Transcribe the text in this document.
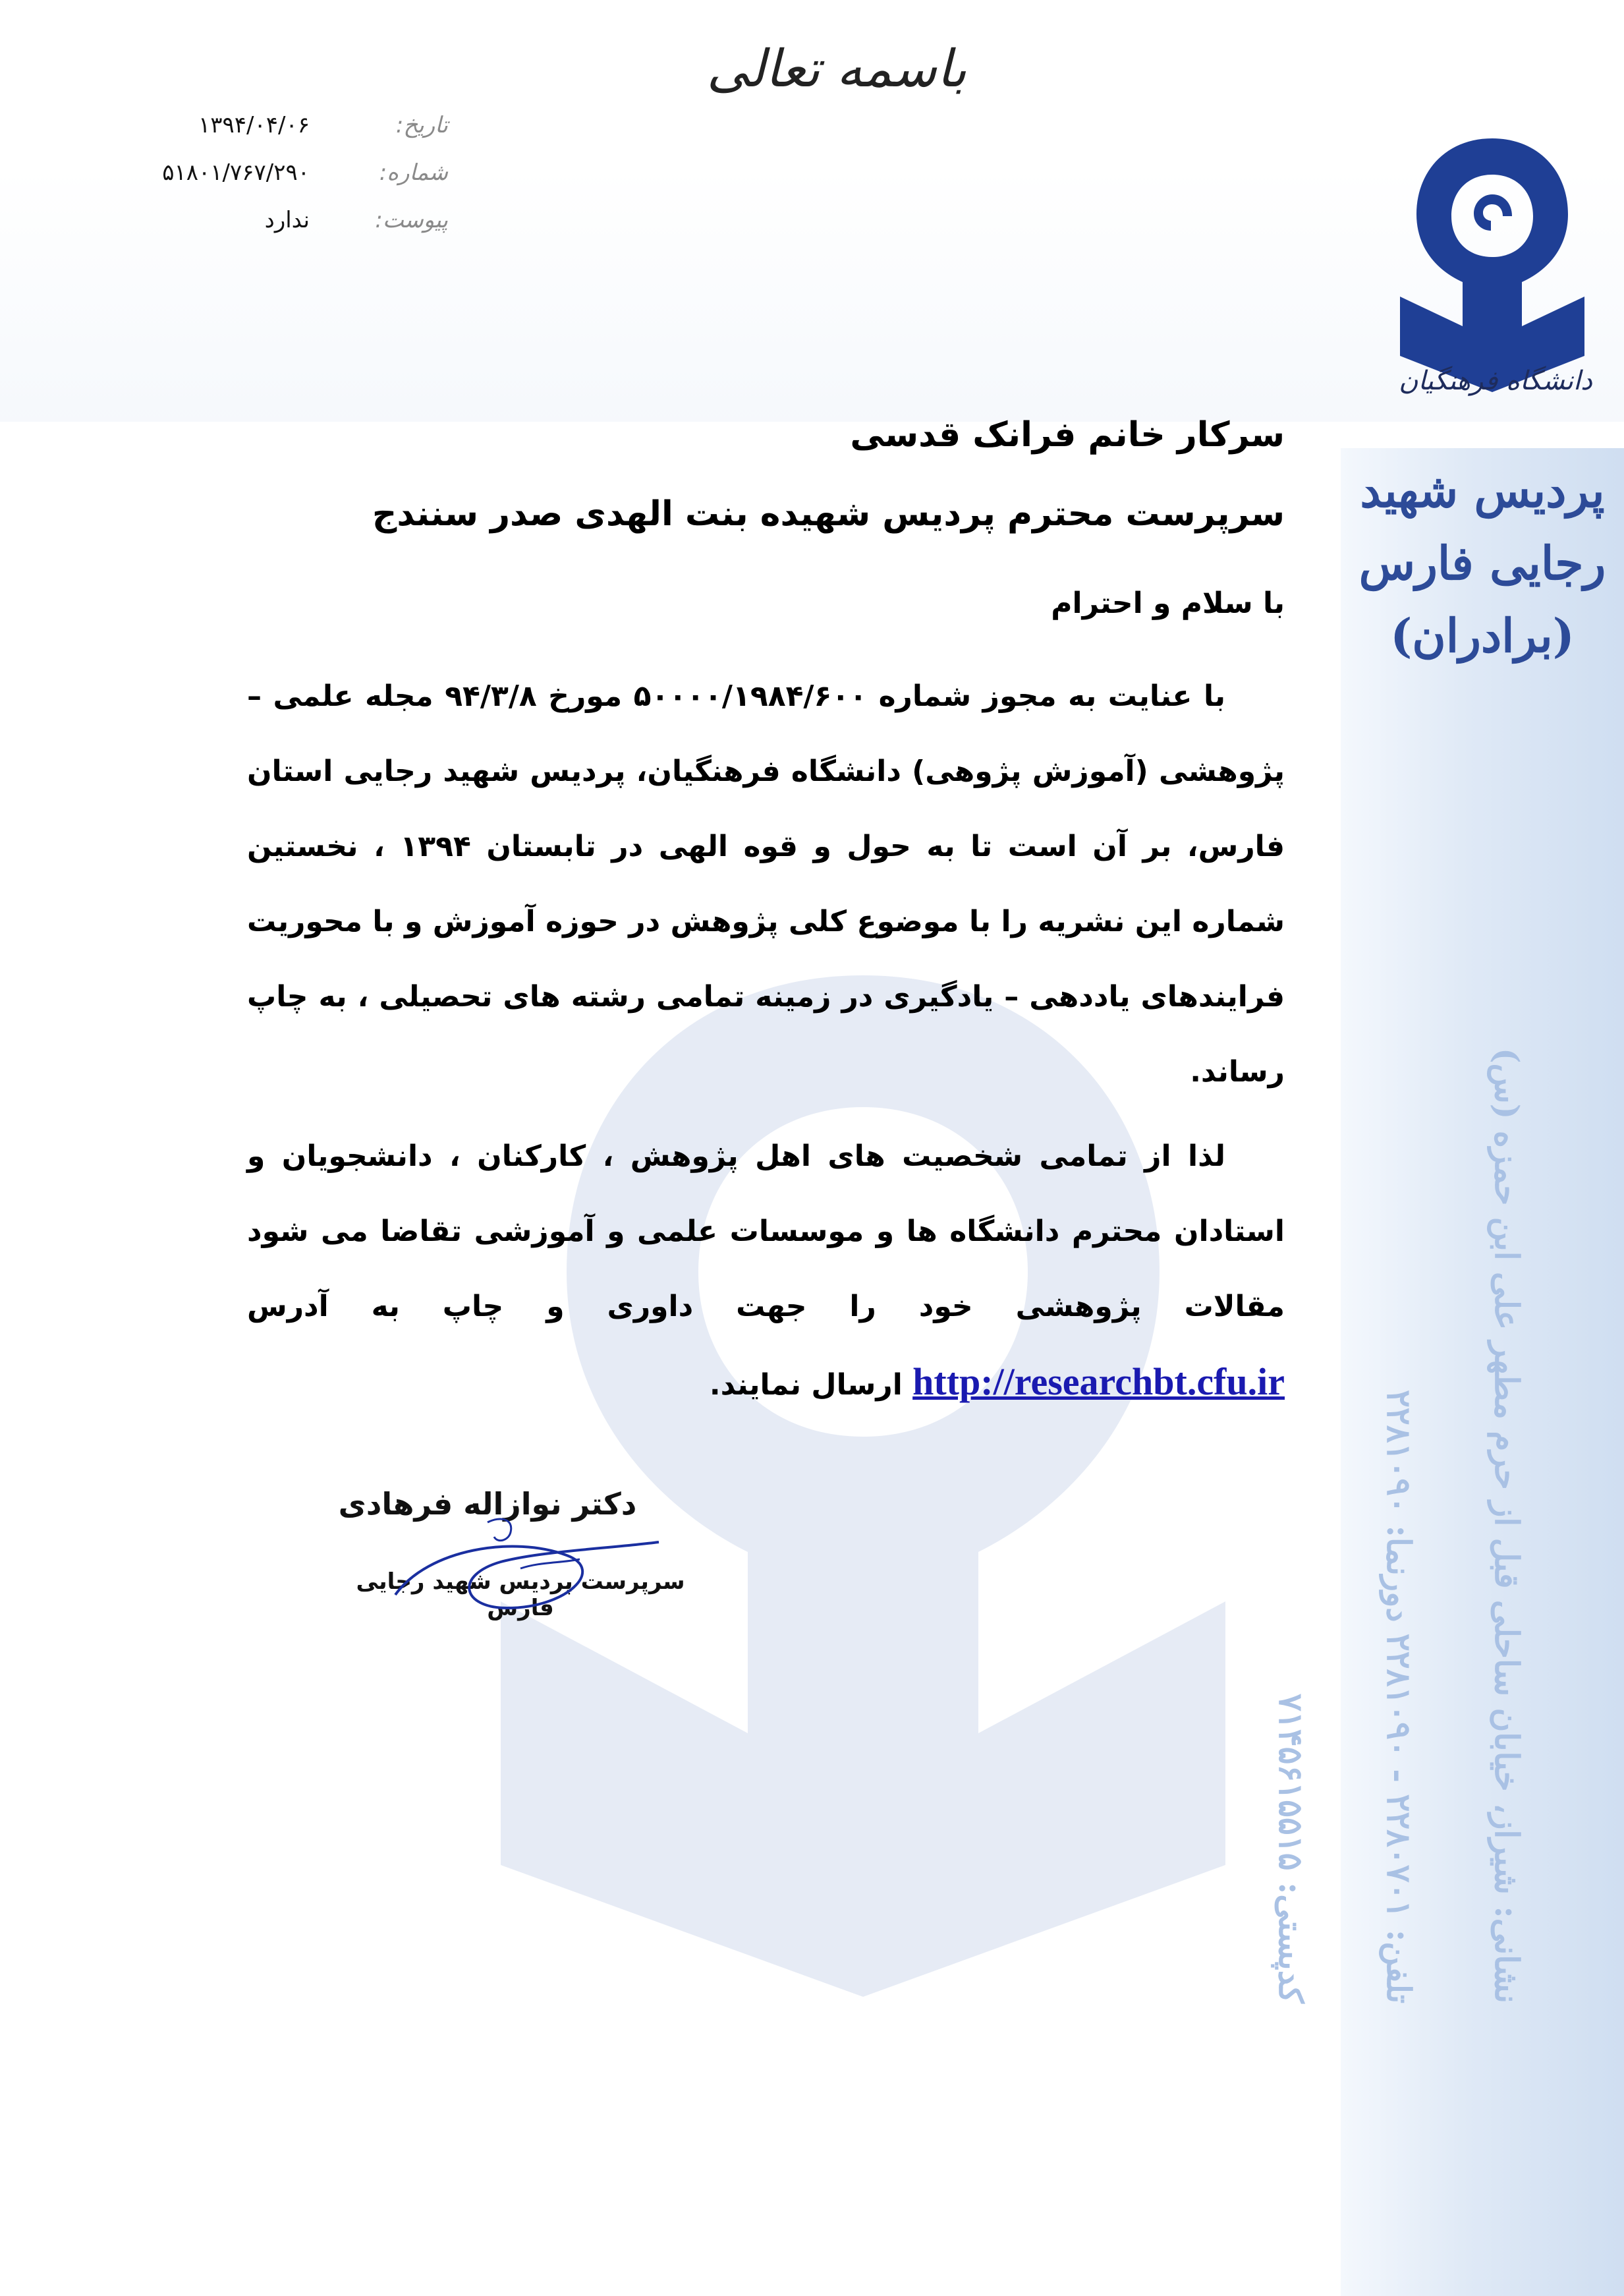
باسمه تعالی
تاریخ:
۱۳۹۴/۰۴/۰۶
شماره:
۵۱۸۰۱/۷۶۷/۲۹۰
پیوست:
ندارد
دانشگاه فرهنگیان
پردیس شهید رجایی فارس
(برادران)

نشانی: شیراز، خیابان ساحلی قبل از حرم مطهر علی ابن حمزه (س)

تلفن: ۲۲۸۰۷۰۱ - ۲۲۸۱۰۹۰ دورنما: ۲۲۸۱۰۹۰

کدپستی: ۷۱۴۵۶۱۵۵۱۵

سرکار خانم فرانک قدسی
سرپرست محترم پردیس شهیده بنت الهدی صدر سنندج
با سلام و احترام

با عنایت به مجوز شماره ۵۰۰۰۰/۱۹۸۴/۶۰۰ مورخ ۹۴/۳/۸ مجله علمی – پژوهشی (آموزش پژوهی) دانشگاه فرهنگیان، پردیس شهید رجایی استان فارس، بر آن است تا به حول و قوه الهی در تابستان ۱۳۹۴ ، نخستین شماره این نشریه را با موضوع کلی پژوهش در حوزه آموزش و با محوریت فرایندهای یاددهی – یادگیری در زمینه تمامی رشته های تحصیلی ، به چاپ رساند.

لذا از تمامی شخصیت های اهل پژوهش ، کارکنان ، دانشجویان و استادان محترم دانشگاه ها و موسسات علمی و آموزشی تقاضا می شود مقالات پژوهشی خود را جهت داوری و چاپ به آدرس http://researchbt.cfu.ir ارسال نمایند.

دکتر نوازاله فرهادی
سرپرست پردیس شهید رجایی فارس
